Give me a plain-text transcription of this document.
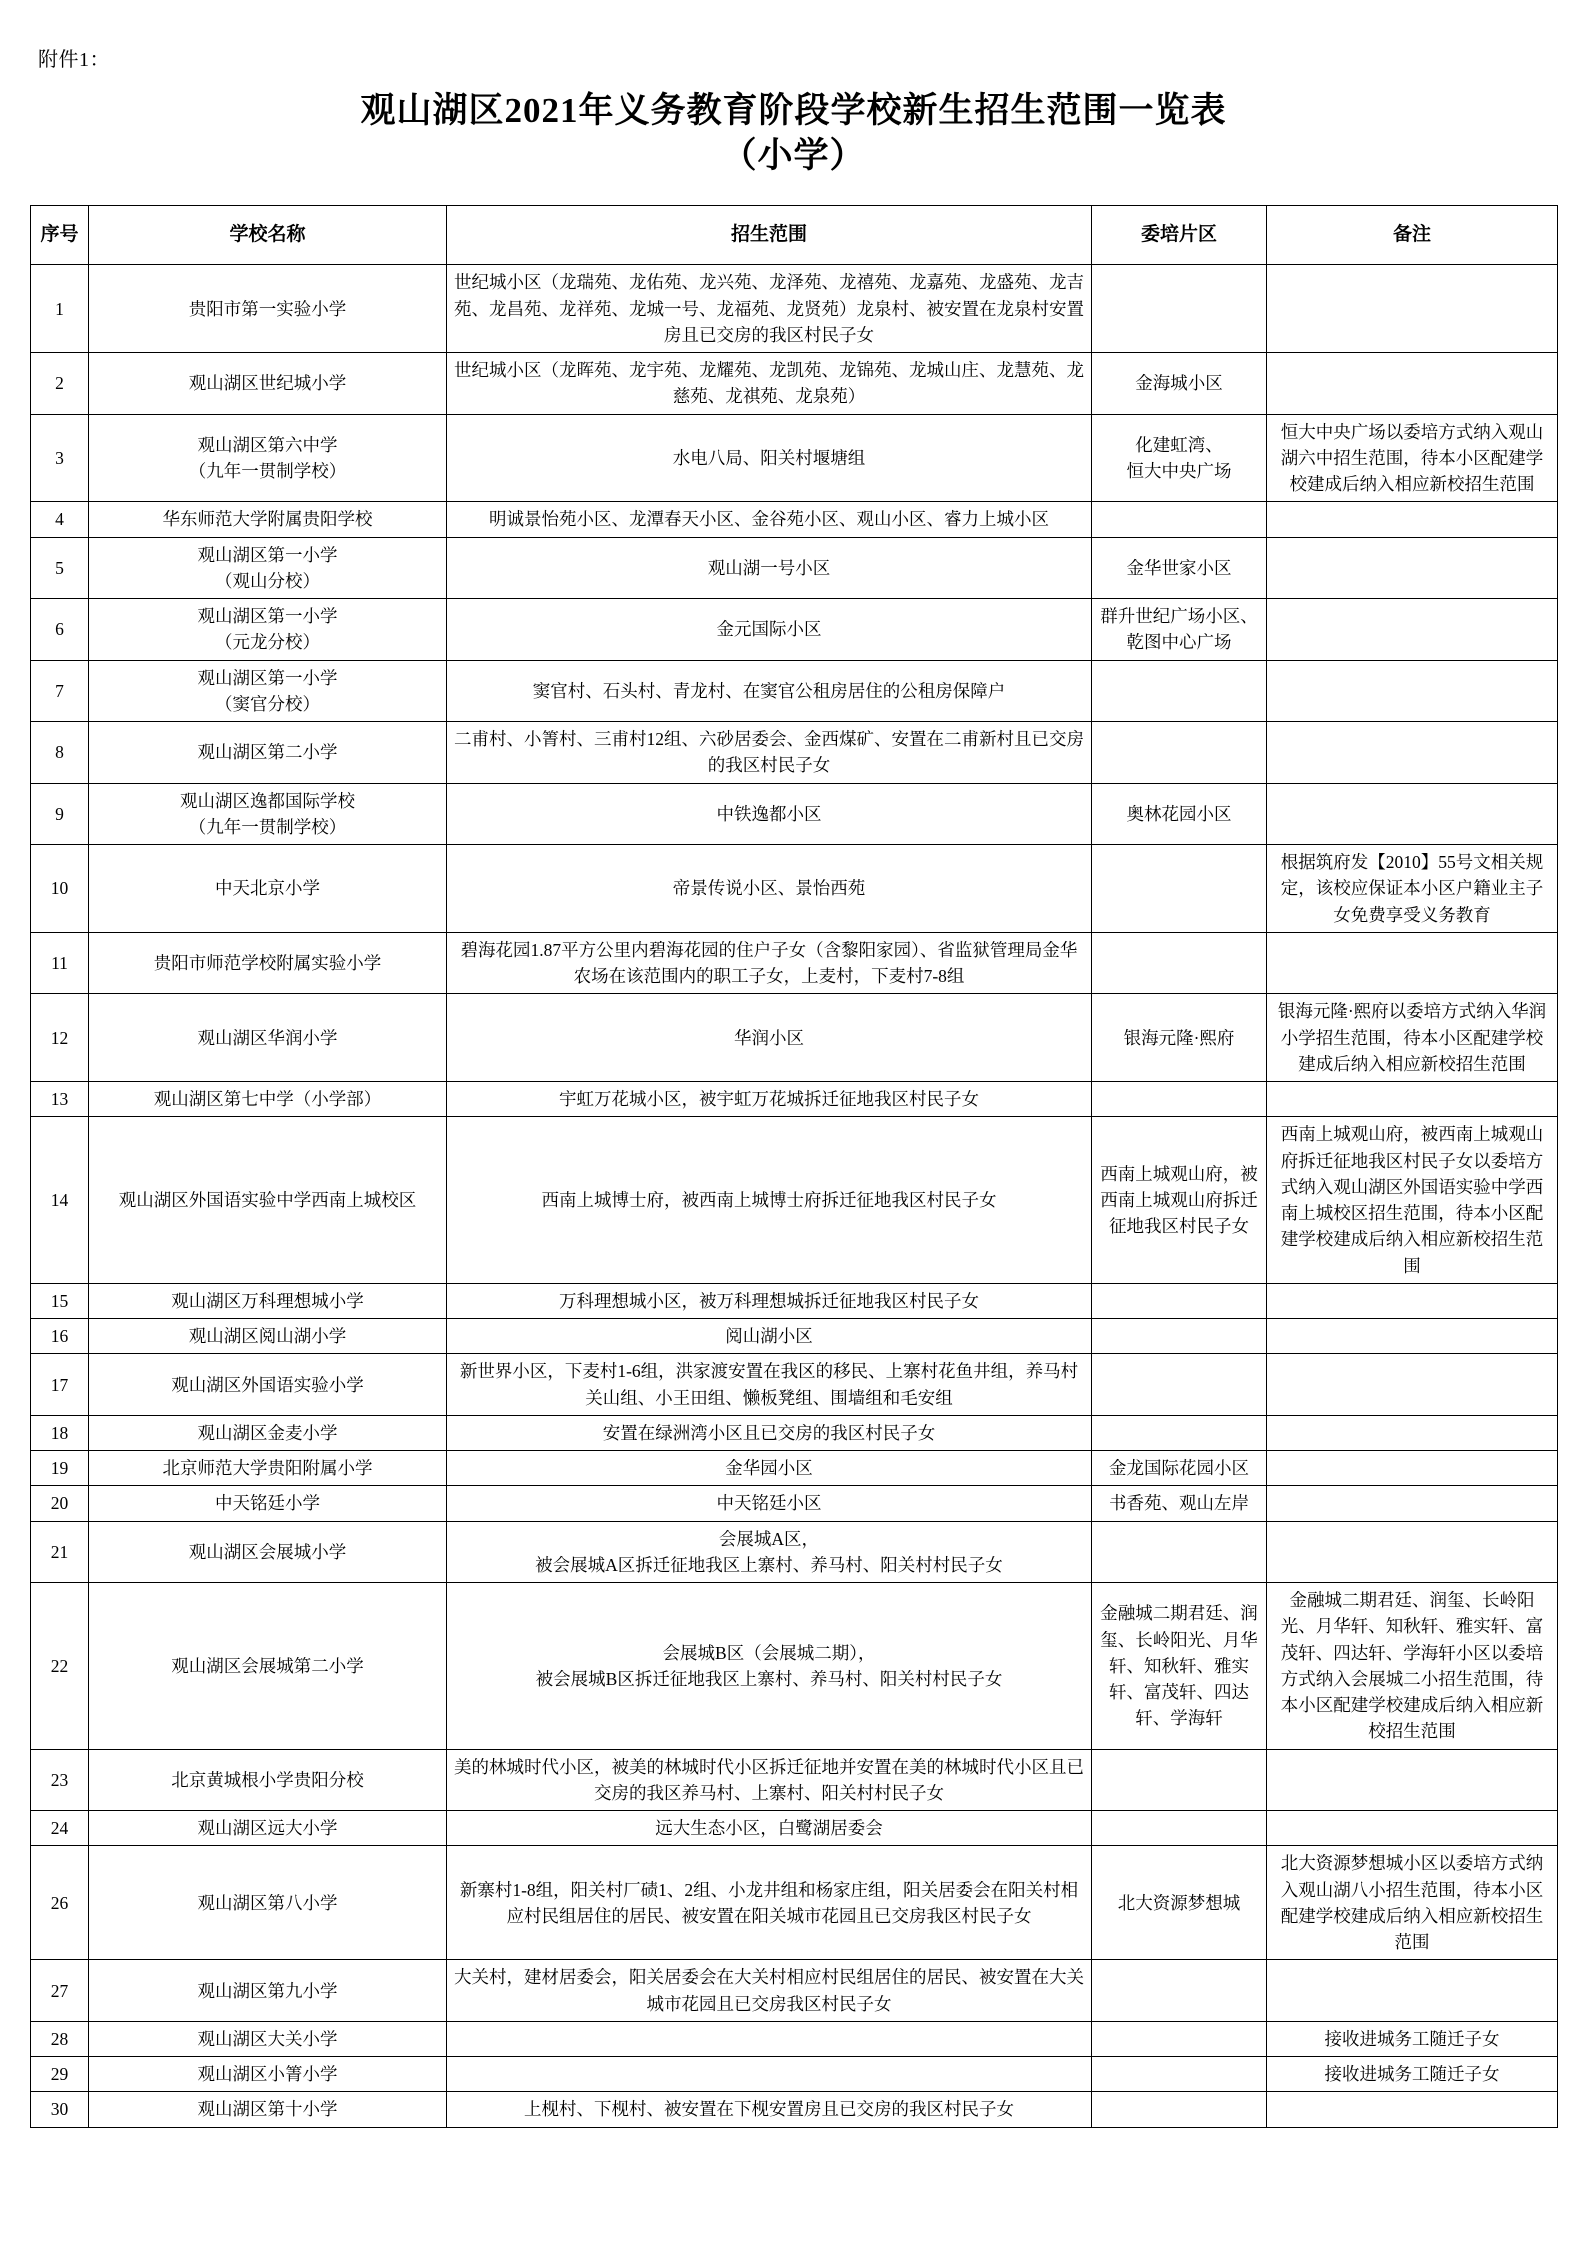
附件1：
观山湖区2021年义务教育阶段学校新生招生范围一览表
（小学）
序号	学校名称	招生范围	委培片区	备注
1	贵阳市第一实验小学	世纪城小区（龙瑞苑、龙佑苑、龙兴苑、龙泽苑、龙禧苑、龙嘉苑、龙盛苑、龙吉苑、龙昌苑、龙祥苑、龙城一号、龙福苑、龙贤苑）龙泉村、被安置在龙泉村安置房且已交房的我区村民子女		
2	观山湖区世纪城小学	世纪城小区（龙晖苑、龙宇苑、龙耀苑、龙凯苑、龙锦苑、龙城山庄、龙慧苑、龙慈苑、龙祺苑、龙泉苑）	金海城小区	
3	观山湖区第六中学
（九年一贯制学校）	水电八局、阳关村堰塘组	化建虹湾、
恒大中央广场	恒大中央广场以委培方式纳入观山湖六中招生范围，待本小区配建学校建成后纳入相应新校招生范围
4	华东师范大学附属贵阳学校	明诚景怡苑小区、龙潭春天小区、金谷苑小区、观山小区、睿力上城小区		
5	观山湖区第一小学
（观山分校）	观山湖一号小区	金华世家小区	
6	观山湖区第一小学
（元龙分校）	金元国际小区	群升世纪广场小区、
乾图中心广场	
7	观山湖区第一小学
（窦官分校）	窦官村、石头村、青龙村、在窦官公租房居住的公租房保障户		
8	观山湖区第二小学	二甫村、小箐村、三甫村12组、六砂居委会、金西煤矿、安置在二甫新村且已交房的我区村民子女		
9	观山湖区逸都国际学校
（九年一贯制学校）	中铁逸都小区	奥林花园小区	
10	中天北京小学	帝景传说小区、景怡西苑		根据筑府发【2010】55号文相关规定，该校应保证本小区户籍业主子女免费享受义务教育
11	贵阳市师范学校附属实验小学	碧海花园1.87平方公里内碧海花园的住户子女（含黎阳家园）、省监狱管理局金华农场在该范围内的职工子女，上麦村，下麦村7-8组		
12	观山湖区华润小学	华润小区	银海元隆·熙府	银海元隆·熙府以委培方式纳入华润小学招生范围，待本小区配建学校建成后纳入相应新校招生范围
13	观山湖区第七中学（小学部）	宇虹万花城小区，被宇虹万花城拆迁征地我区村民子女		
14	观山湖区外国语实验中学西南上城校区	西南上城博士府，被西南上城博士府拆迁征地我区村民子女	西南上城观山府，被西南上城观山府拆迁征地我区村民子女	西南上城观山府，被西南上城观山府拆迁征地我区村民子女以委培方式纳入观山湖区外国语实验中学西南上城校区招生范围，待本小区配建学校建成后纳入相应新校招生范围
15	观山湖区万科理想城小学	万科理想城小区，被万科理想城拆迁征地我区村民子女		
16	观山湖区阅山湖小学	阅山湖小区		
17	观山湖区外国语实验小学	新世界小区，下麦村1-6组，洪家渡安置在我区的移民、上寨村花鱼井组，养马村关山组、小王田组、懒板凳组、围墙组和毛安组		
18	观山湖区金麦小学	安置在绿洲湾小区且已交房的我区村民子女		
19	北京师范大学贵阳附属小学	金华园小区	金龙国际花园小区	
20	中天铭廷小学	中天铭廷小区	书香苑、观山左岸	
21	观山湖区会展城小学	会展城A区，
被会展城A区拆迁征地我区上寨村、养马村、阳关村村民子女		
22	观山湖区会展城第二小学	会展城B区（会展城二期），
被会展城B区拆迁征地我区上寨村、养马村、阳关村村民子女	金融城二期君廷、润玺、长岭阳光、月华轩、知秋轩、雅实轩、富茂轩、四达轩、学海轩	金融城二期君廷、润玺、长岭阳光、月华轩、知秋轩、雅实轩、富茂轩、四达轩、学海轩小区以委培方式纳入会展城二小招生范围，待本小区配建学校建成后纳入相应新校招生范围
23	北京黄城根小学贵阳分校	美的林城时代小区，被美的林城时代小区拆迁征地并安置在美的林城时代小区且已交房的我区养马村、上寨村、阳关村村民子女		
24	观山湖区远大小学	远大生态小区，白鹭湖居委会		
26	观山湖区第八小学	新寨村1-8组，阳关村厂碛1、2组、小龙井组和杨家庄组，阳关居委会在阳关村相应村民组居住的居民、被安置在阳关城市花园且已交房我区村民子女	北大资源梦想城	北大资源梦想城小区以委培方式纳入观山湖八小招生范围，待本小区配建学校建成后纳入相应新校招生范围
27	观山湖区第九小学	大关村，建材居委会，阳关居委会在大关村相应村民组居住的居民、被安置在大关城市花园且已交房我区村民子女		
28	观山湖区大关小学			接收进城务工随迁子女
29	观山湖区小箐小学			接收进城务工随迁子女
30	观山湖区第十小学	上枧村、下枧村、被安置在下枧安置房且已交房的我区村民子女		
